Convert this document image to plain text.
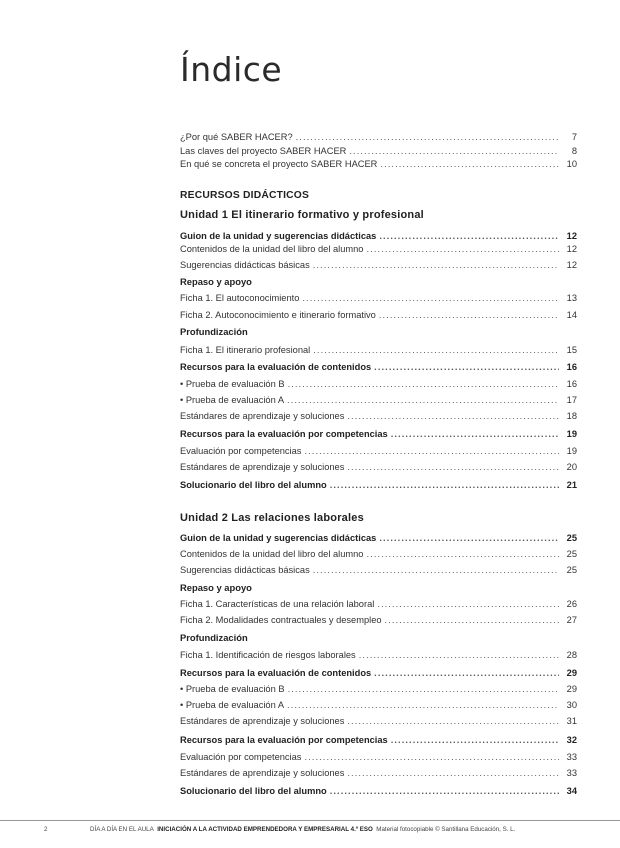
Índice
¿Por qué SABER HACER? . . .	7
Las claves del proyecto SABER HACER . . .	8
En qué se concreta el proyecto SABER HACER . . .	10
RECURSOS DIDÁCTICOS
Unidad 1 El itinerario formativo y profesional
Guion de la unidad y sugerencias didácticas . . .	12
Contenidos de la unidad del libro del alumno . . .	12
Sugerencias didácticas básicas . . .	12
Repaso y apoyo
Ficha 1. El autoconocimiento . . .	13
Ficha 2. Autoconocimiento e itinerario formativo . . .	14
Profundización
Ficha 1. El itinerario profesional . . .	15
Recursos para la evaluación de contenidos . . .	16
• Prueba de evaluación B . . .	16
• Prueba de evaluación A . . .	17
Estándares de aprendizaje y soluciones . . .	18
Recursos para la evaluación por competencias . . .	19
Evaluación por competencias . . .	19
Estándares de aprendizaje y soluciones . . .	20
Solucionario del libro del alumno . . .	21
Unidad 2 Las relaciones laborales
Guion de la unidad y sugerencias didácticas . . .	25
Contenidos de la unidad del libro del alumno . . .	25
Sugerencias didácticas básicas . . .	25
Repaso y apoyo
Ficha 1. Características de una relación laboral . . .	26
Ficha 2. Modalidades contractuales y desempleo . . .	27
Profundización
Ficha 1. Identificación de riesgos laborales . . .	28
Recursos para la evaluación de contenidos . . .	29
• Prueba de evaluación B . . .	29
• Prueba de evaluación A . . .	30
Estándares de aprendizaje y soluciones . . .	31
Recursos para la evaluación por competencias . . .	32
Evaluación por competencias . . .	33
Estándares de aprendizaje y soluciones . . .	33
Solucionario del libro del alumno . . .	34
2	DÍA A DÍA EN EL AULA INICIACIÓN A LA ACTIVIDAD EMPRENDEDORA Y EMPRESARIAL 4.º ESO Material fotocopiable © Santillana Educación, S. L.
